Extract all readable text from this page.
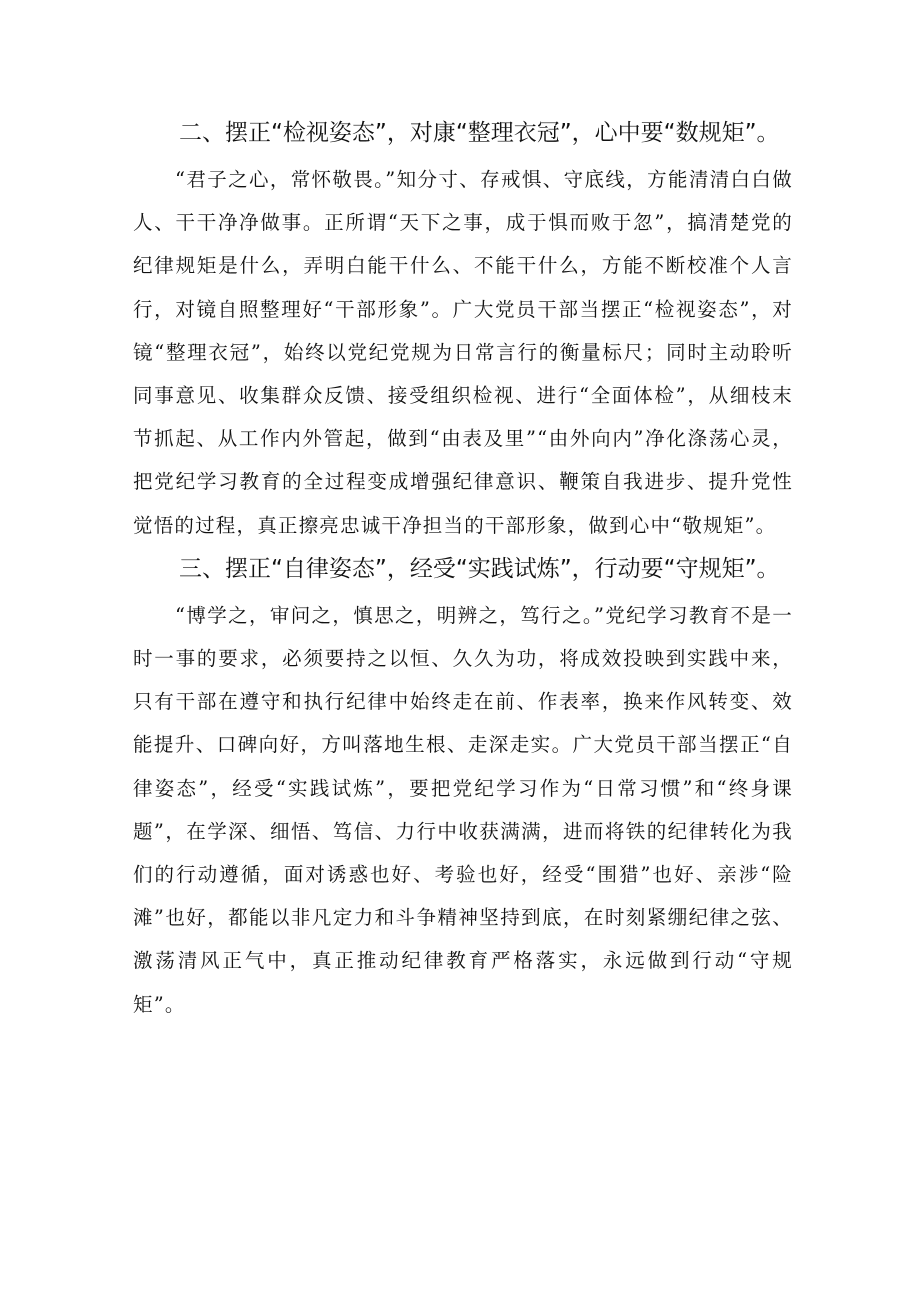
二、摆正“检视姿态”，对康“整理衣冠”，心中要“数规矩”。

“君子之心，常怀敬畏。”知分寸、存戒惧、守底线，方能清清白白做人、干干净净做事。正所谓“天下之事，成于惧而败于忽”，搞清楚党的纪律规矩是什么，弄明白能干什么、不能干什么，方能不断校准个人言行，对镜自照整理好“干部形象”。广大党员干部当摆正“检视姿态”，对镜“整理衣冠”，始终以党纪党规为日常言行的衡量标尺；同时主动聆听同事意见、收集群众反馈、接受组织检视、进行“全面体检”，从细枝末节抓起、从工作内外管起，做到“由表及里”“由外向内”净化涤荡心灵，把党纪学习教育的全过程变成增强纪律意识、鞭策自我进步、提升党性觉悟的过程，真正擦亮忠诚干净担当的干部形象，做到心中“敬规矩”。

三、摆正“自律姿态”，经受“实践试炼”，行动要“守规矩”。

“博学之，审问之，慎思之，明辨之，笃行之。”党纪学习教育不是一时一事的要求，必须要持之以恒、久久为功，将成效投映到实践中来，只有干部在遵守和执行纪律中始终走在前、作表率，换来作风转变、效能提升、口碑向好，方叫落地生根、走深走实。广大党员干部当摆正“自律姿态”，经受“实践试炼”，要把党纪学习作为“日常习惯”和“终身课题”，在学深、细悟、笃信、力行中收获满满，进而将铁的纪律转化为我们的行动遵循，面对诱惑也好、考验也好，经受“围猎”也好、亲涉“险滩”也好，都能以非凡定力和斗争精神坚持到底，在时刻紧绷纪律之弦、激荡清风正气中，真正推动纪律教育严格落实，永远做到行动“守规矩”。
